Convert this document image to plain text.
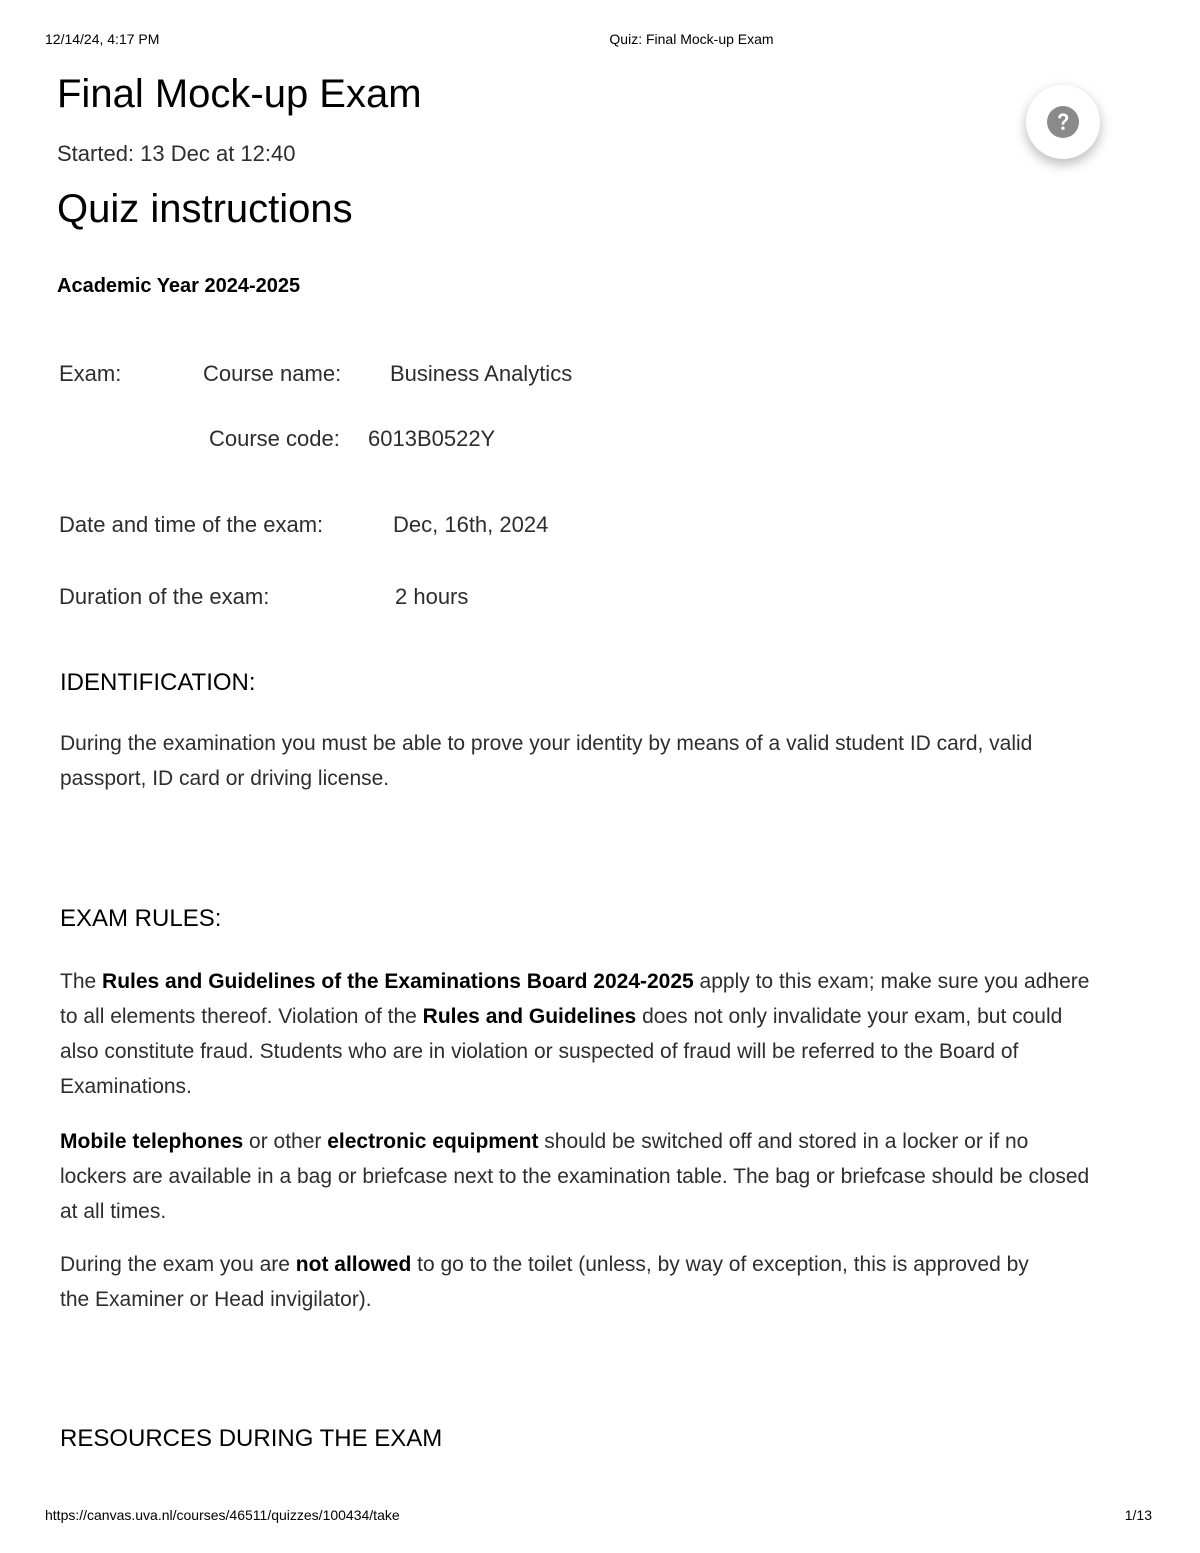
12/14/24, 4:17 PM	Quiz: Final Mock-up Exam
Final Mock-up Exam
Started: 13 Dec at 12:40
Quiz instructions
Academic Year 2024-2025
Exam:	Course name: Business Analytics
Course code: 6013B0522Y
Date and time of the exam:	Dec, 16th, 2024
Duration of the exam:	2 hours
IDENTIFICATION:

During the examination you must be able to prove your identity by means of a valid student ID card, valid passport, ID card or driving license.

EXAM RULES:

The Rules and Guidelines of the Examinations Board 2024-2025 apply to this exam; make sure you adhere to all elements thereof. Violation of the Rules and Guidelines does not only invalidate your exam, but could also constitute fraud. Students who are in violation or suspected of fraud will be referred to the Board of Examinations.

Mobile telephones or other electronic equipment should be switched off and stored in a locker or if no lockers are available in a bag or briefcase next to the examination table. The bag or briefcase should be closed at all times.

During the exam you are not allowed to go to the toilet (unless, by way of exception, this is approved by the Examiner or Head invigilator).

RESOURCES DURING THE EXAM
https://canvas.uva.nl/courses/46511/quizzes/100434/take	1/13
